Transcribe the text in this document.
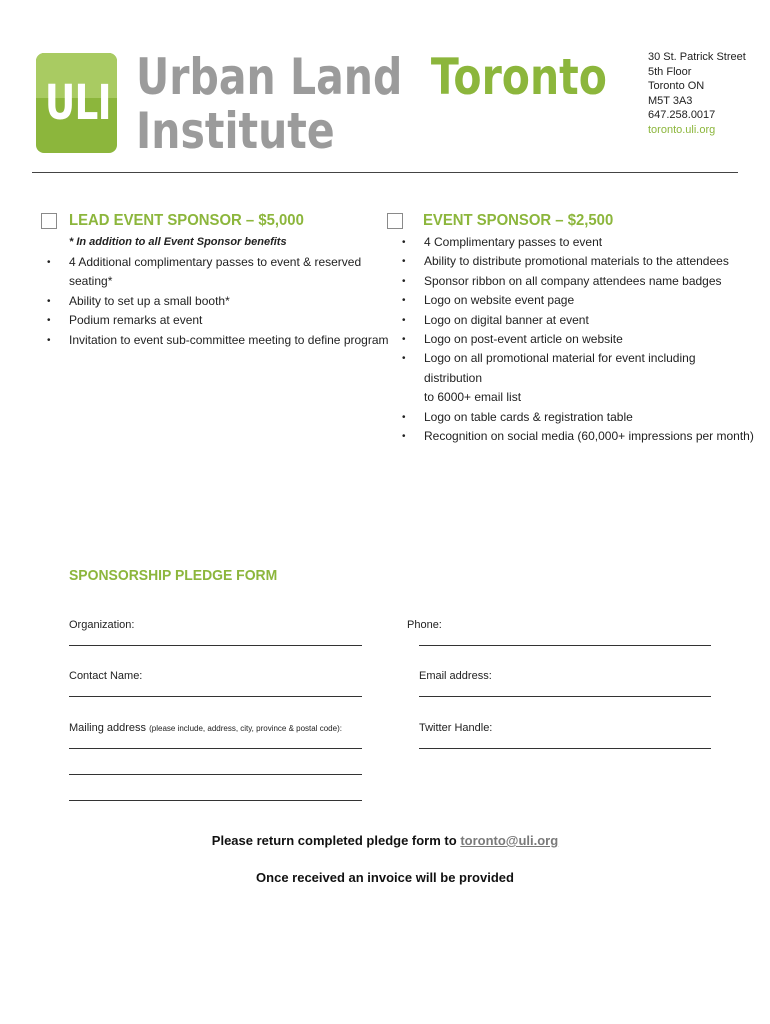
ULI Urban Land Toronto
Institute
30 St. Patrick Street
5th Floor
Toronto ON
M5T 3A3
647.258.0017
toronto.uli.org
LEAD EVENT SPONSOR – $5,000
* In addition to all Event Sponsor benefits
• 4 Additional complimentary passes to event & reserved
seating*
• Ability to set up a small booth*
• Podium remarks at event
• Invitation to event sub-committee meeting to define program
EVENT SPONSOR – $2,500
• 4 Complimentary passes to event
• Ability to distribute promotional materials to the attendees
• Sponsor ribbon on all company attendees name badges
• Logo on website event page
• Logo on digital banner at event
• Logo on post-event article on website
• Logo on all promotional material for event including distribution
to 6000+ email list
• Logo on table cards & registration table
• Recognition on social media (60,000+ impressions per month)
SPONSORSHIP PLEDGE FORM
Organization:	Phone:
Contact Name:	Email address:
Mailing address (please include, address, city, province & postal code):	Twitter Handle:
Please return completed pledge form to toronto@uli.org
Once received an invoice will be provided
